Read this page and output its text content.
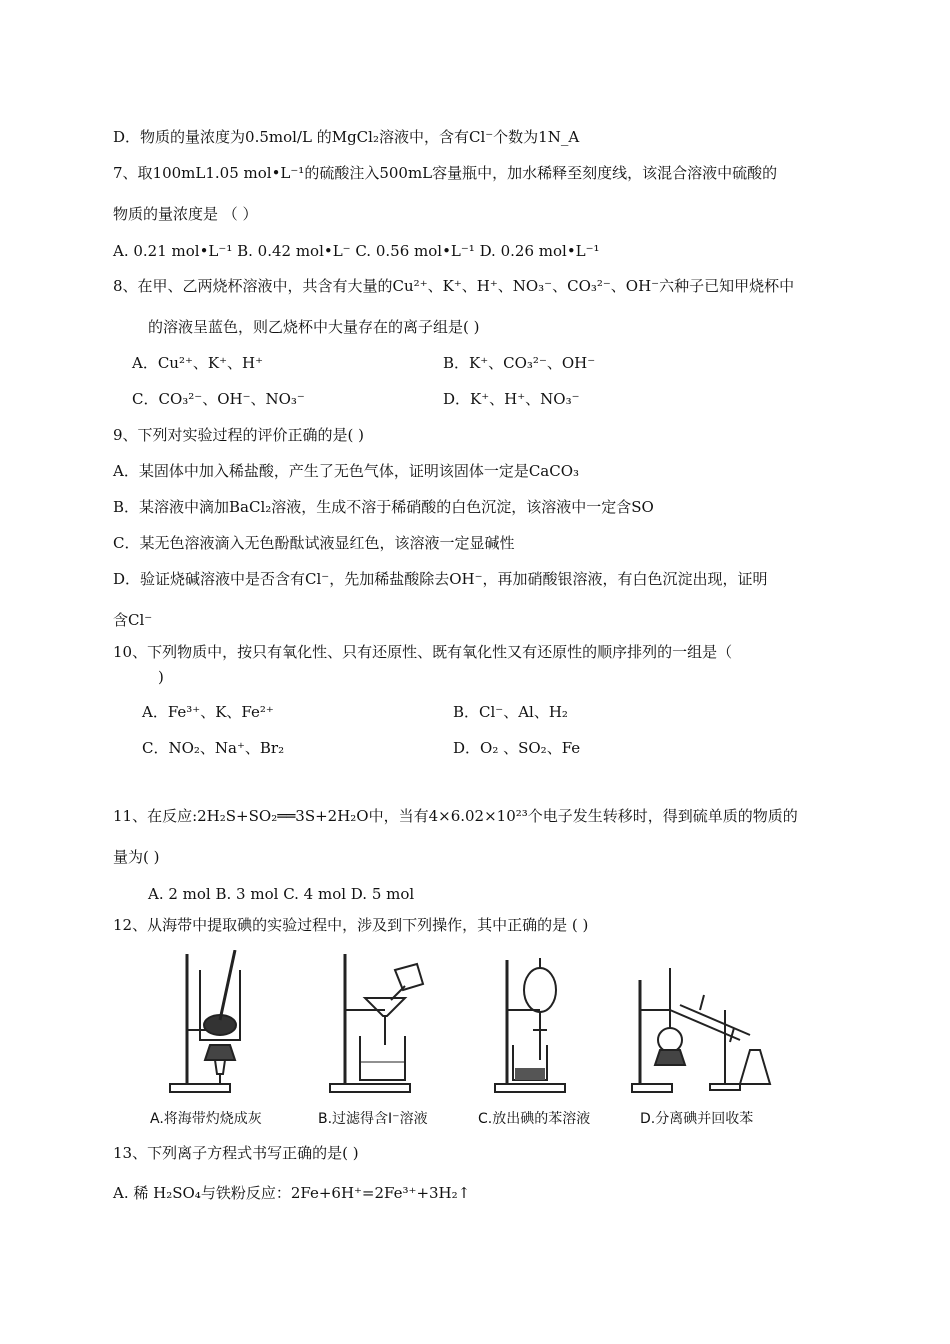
D．物质的量浓度为0.5mol/L 的MgCl₂溶液中，含有Cl⁻个数为1N_A
7、取100mL1.05 mol•L⁻¹的硫酸注入500mL容量瓶中，加水稀释至刻度线，该混合溶液中硫酸的
物质的量浓度是 （ ）
A. 0.21 mol•L⁻¹ B. 0.42 mol•L⁻ C. 0.56 mol•L⁻¹ D. 0.26 mol•L⁻¹
8、在甲、乙两烧杯溶液中，共含有大量的Cu²⁺、K⁺、H⁺、NO₃⁻、CO₃²⁻、OH⁻六种子已知甲烧杯中
的溶液呈蓝色，则乙烧杯中大量存在的离子组是( )
A．Cu²⁺、K⁺、H⁺	B．K⁺、CO₃²⁻、OH⁻
C．CO₃²⁻、OH⁻、NO₃⁻	D．K⁺、H⁺、NO₃⁻
9、下列对实验过程的评价正确的是( )
A．某固体中加入稀盐酸，产生了无色气体，证明该固体一定是CaCO₃
B．某溶液中滴加BaCl₂溶液，生成不溶于稀硝酸的白色沉淀，该溶液中一定含SO
C．某无色溶液滴入无色酚酞试液显红色，该溶液一定显碱性
D．验证烧碱溶液中是否含有Cl⁻，先加稀盐酸除去OH⁻，再加硝酸银溶液，有白色沉淀出现，证明
含Cl⁻
10、下列物质中，按只有氧化性、只有还原性、既有氧化性又有还原性的顺序排列的一组是（
)
A．Fe³⁺、K、Fe²⁺	B．Cl⁻、Al、H₂
C．NO₂、Na⁺、Br₂	D．O₂ 、SO₂、Fe
11、在反应:2H₂S+SO₂══3S+2H₂O中，当有4×6.02×10²³个电子发生转移时，得到硫单质的物质的
量为( )
A. 2 mol B. 3 mol C. 4 mol D. 5 mol
12、从海带中提取碘的实验过程中，涉及到下列操作，其中正确的是 ( )
A.将海带灼烧成灰	B.过滤得含I⁻溶液	C.放出碘的苯溶液	D.分离碘并回收苯
13、下列离子方程式书写正确的是( )
A. 稀 H₂SO₄与铁粉反应：2Fe+6H⁺=2Fe³⁺+3H₂↑
